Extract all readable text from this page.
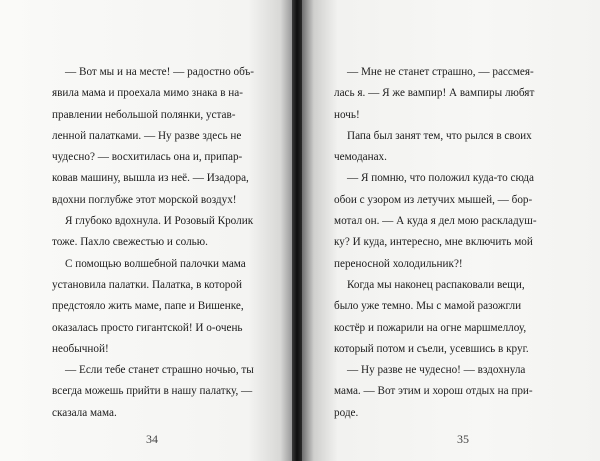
— Вот мы и на месте! — радостно объ-
явила мама и проехала мимо знака в на-
правлении небольшой полянки, устав-
ленной палатками. — Ну разве здесь не
чудесно? — восхитилась она и, припар-
ковав машину, вышла из неё. — Изадора,
вдохни поглубже этот морской воздух!
Я глубоко вдохнула. И Розовый Кролик
тоже. Пахло свежестью и солью.
С помощью волшебной палочки мама
установила палатки. Палатка, в которой
предстояло жить маме, папе и Вишенке,
оказалась просто гигантской! И о-очень
необычной!
— Если тебе станет страшно ночью, ты
всегда можешь прийти в нашу палатку, —
сказала мама.

34

— Мне не станет страшно, — рассмея-
лась я. — Я же вампир! А вампиры любят
ночь!
Папа был занят тем, что рылся в своих
чемоданах.
— Я помню, что положил куда-то сюда
обои с узором из летучих мышей, — бор-
мотал он. — А куда я дел мою раскладуш-
ку? И куда, интересно, мне включить мой
переносной холодильник?!
Когда мы наконец распаковали вещи,
было уже темно. Мы с мамой разожгли
костёр и пожарили на огне маршмеллоу,
который потом и съели, усевшись в круг.
— Ну разве не чудесно! — вздохнула
мама. — Вот этим и хорош отдых на при-
роде.

35
